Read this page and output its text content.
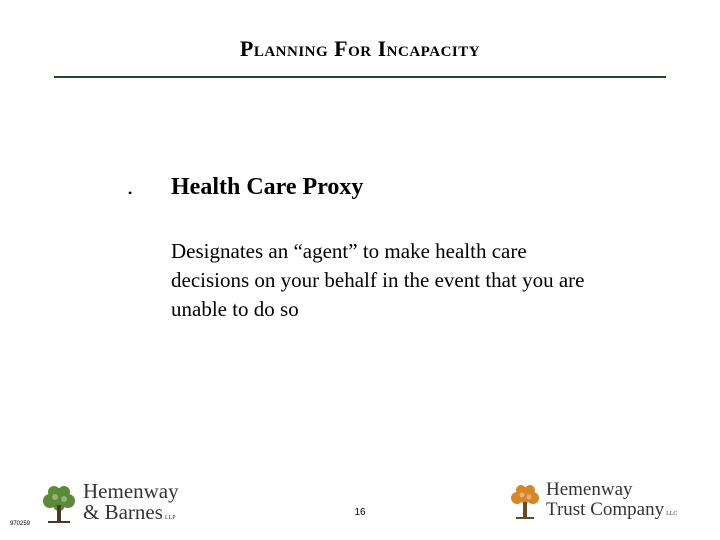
Planning For Incapacity
• Health Care Proxy
Designates an “agent” to make health care decisions on your behalf in the event that you are unable to do so
Hemenway
& Barnes LLP	16
970259
Hemenway
Trust Company LLC
